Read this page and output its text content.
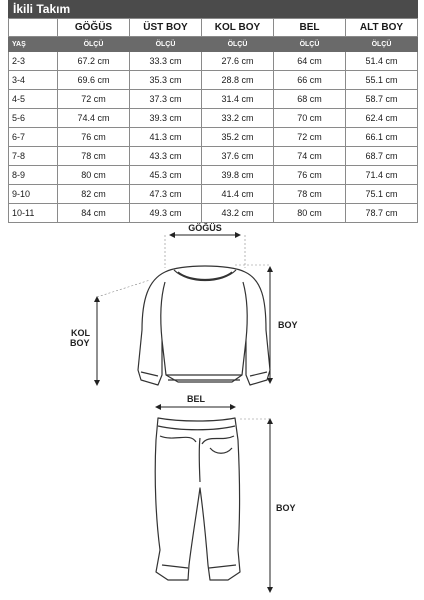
İkili Takım
	GÖĞÜS	ÜST BOY	KOL BOY	BEL	ALT BOY
YAŞ	ÖLÇÜ	ÖLÇÜ	ÖLÇÜ	ÖLÇÜ	ÖLÇÜ
2-3	67.2 cm	33.3 cm	27.6 cm	64 cm	51.4 cm
3-4	69.6 cm	35.3 cm	28.8 cm	66 cm	55.1 cm
4-5	72 cm	37.3 cm	31.4 cm	68 cm	58.7 cm
5-6	74.4 cm	39.3 cm	33.2 cm	70 cm	62.4 cm
6-7	76 cm	41.3 cm	35.2 cm	72 cm	66.1 cm
7-8	78 cm	43.3 cm	37.6 cm	74 cm	68.7 cm
8-9	80 cm	45.3 cm	39.8 cm	76 cm	71.4 cm
9-10	82 cm	47.3 cm	41.4 cm	78 cm	75.1 cm
10-11	84 cm	49.3 cm	43.2 cm	80 cm	78.7 cm
GÖĞÜS
BOY
KOL
BOY
BEL
BOY
